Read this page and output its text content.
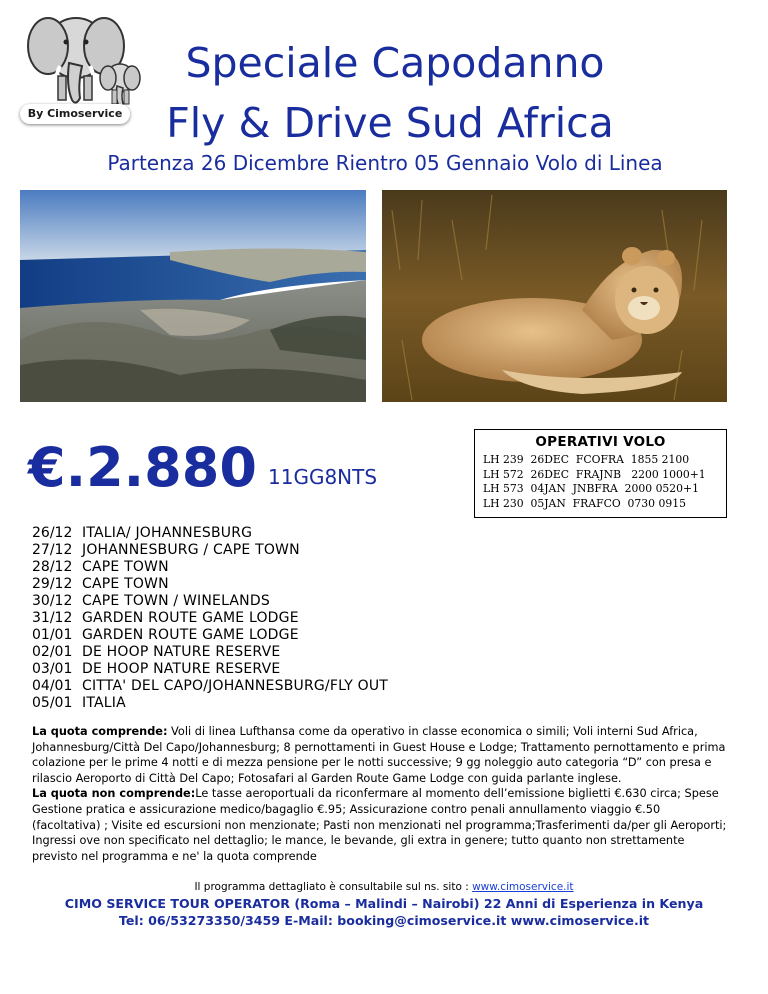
By Cimoservice
Speciale Capodanno
Fly & Drive Sud Africa
Partenza 26 Dicembre Rientro 05 Gennaio Volo di Linea
€.2.880 11GG8NTS
OPERATIVI VOLO
LH 239  26DEC  FCOFRA  1855 2100
LH 572  26DEC  FRAJNB   2200 1000+1
LH 573  04JAN  JNBFRA  2000 0520+1
LH 230  05JAN  FRAFCO  0730 0915
26/12 ITALIA/ JOHANNESBURG
27/12 JOHANNESBURG / CAPE TOWN
28/12 CAPE TOWN
29/12 CAPE TOWN
30/12 CAPE TOWN / WINELANDS
31/12 GARDEN ROUTE GAME LODGE
01/01 GARDEN ROUTE GAME LODGE
02/01 DE HOOP NATURE RESERVE
03/01 DE HOOP NATURE RESERVE
04/01 CITTA' DEL CAPO/JOHANNESBURG/FLY OUT
05/01 ITALIA
La quota comprende: Voli di linea Lufthansa come da operativo in classe economica o simili; Voli interni Sud Africa, Johannesburg/Città Del Capo/Johannesburg; 8 pernottamenti in Guest House e Lodge; Trattamento pernottamento e prima colazione per le prime 4 notti e di mezza pensione per le notti successive; 9 gg noleggio auto categoria “D” con presa e rilascio Aeroporto di Città Del Capo; Fotosafari al Garden Route Game Lodge con guida parlante inglese.
La quota non comprende:Le tasse aeroportuali da riconfermare al momento dell’emissione biglietti €.630 circa; Spese Gestione pratica e assicurazione medico/bagaglio €.95; Assicurazione contro penali annullamento viaggio €.50 (facoltativa) ; Visite ed escursioni non menzionate; Pasti non menzionati nel programma;Trasferimenti da/per gli Aeroporti; Ingressi ove non specificato nel dettaglio; le mance, le bevande, gli extra in genere; tutto quanto non strettamente previsto nel programma e ne' la quota comprende
Il programma dettagliato è consultabile sul ns. sito : www.cimoservice.it
CIMO SERVICE TOUR OPERATOR (Roma – Malindi – Nairobi) 22 Anni di Esperienza in Kenya
Tel: 06/53273350/3459 E-Mail: booking@cimoservice.it www.cimoservice.it
